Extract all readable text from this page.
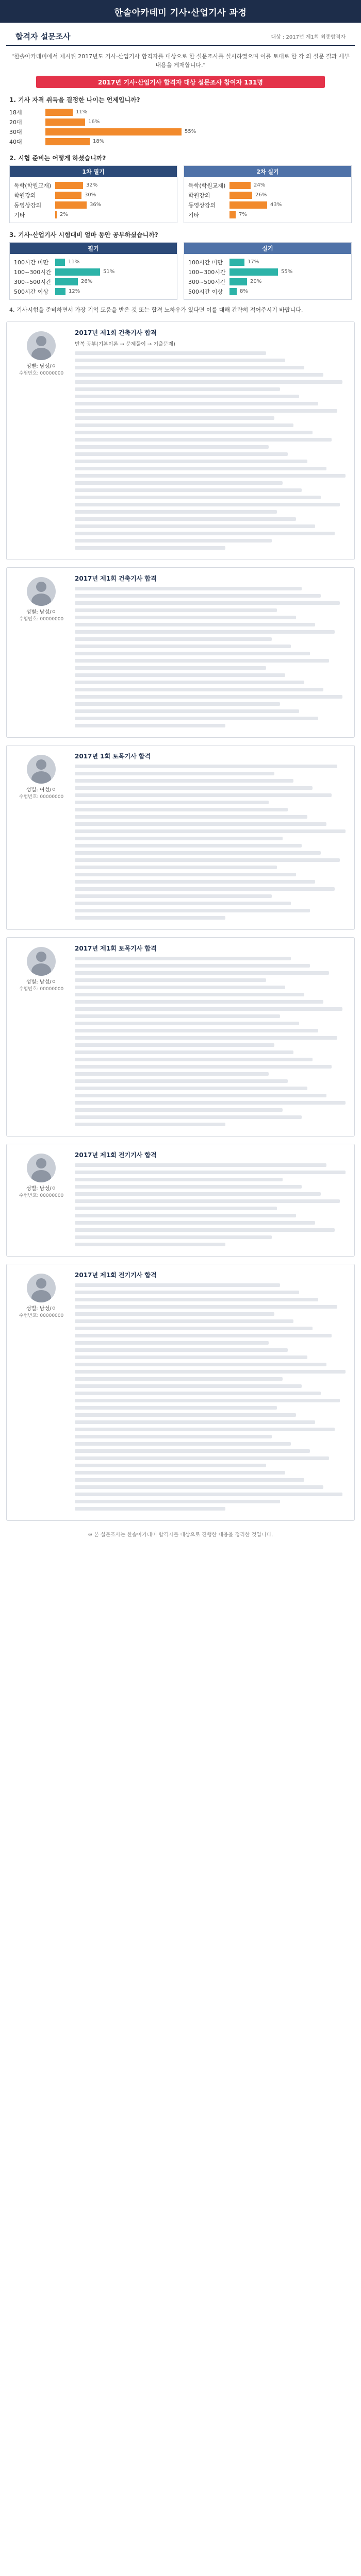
한솔아카데미 기사·산업기사 과정
합격자 설문조사	대상 : 2017년 제1회 최종합격자

"한솔아카데미에서 제시된 2017년도 기사·산업기사 합격자를 대상으로 한 설문조사를 실시하였으며 이를 토대로 한 각 의 설문 결과 세부내용을 게재합니다."

2017년 기사·산업기사 합격자 대상 설문조사 참여자 131명
1. 기사 자격 취득을 결정한 나이는 언제입니까?
18세	11%
20대	16%
30대	55%
40대	18%
2. 시험 준비는 어떻게 하셨습니까?
1차 필기
독학(학원교재)	32%
학원강의	30%
동영상강의	36%
기타	2%
2차 실기
독학(학원교재)	24%
학원강의	26%
동영상강의	43%
기타	7%
3. 기사·산업기사 시험대비 얼마 동안 공부하셨습니까?
필기
100시간 미만	11%
100~300시간	51%
300~500시간	26%
500시간 이상	12%
실기
100시간 미만	17%
100~300시간	55%
300~500시간	20%
500시간 이상	8%
4. 기사시험을 준비하면서 가장 기억 도움을 받은 것 또는 합격 노하우가 있다면 이를 대해 간략히 적어주시기 바랍니다.
성별: 남성/ㅇ
수험번호: 00000000
2017년 제1회 건축기사 합격
반복 공부(기본이론 → 문제풀이 → 기출문제)
성별: 남성/ㅇ
수험번호: 00000000
2017년 제1회 건축기사 합격
성별: 여성/ㅇ
수험번호: 00000000
2017년 1회 토목기사 합격
성별: 남성/ㅇ
수험번호: 00000000
2017년 제1회 토목기사 합격
성별: 남성/ㅇ
수험번호: 00000000
2017년 제1회 전기기사 합격
성별: 남성/ㅇ
수험번호: 00000000
2017년 제1회 전기기사 합격
※ 본 설문조사는 한솔아카데미 합격자를 대상으로 진행한 내용을 정리한 것입니다.
